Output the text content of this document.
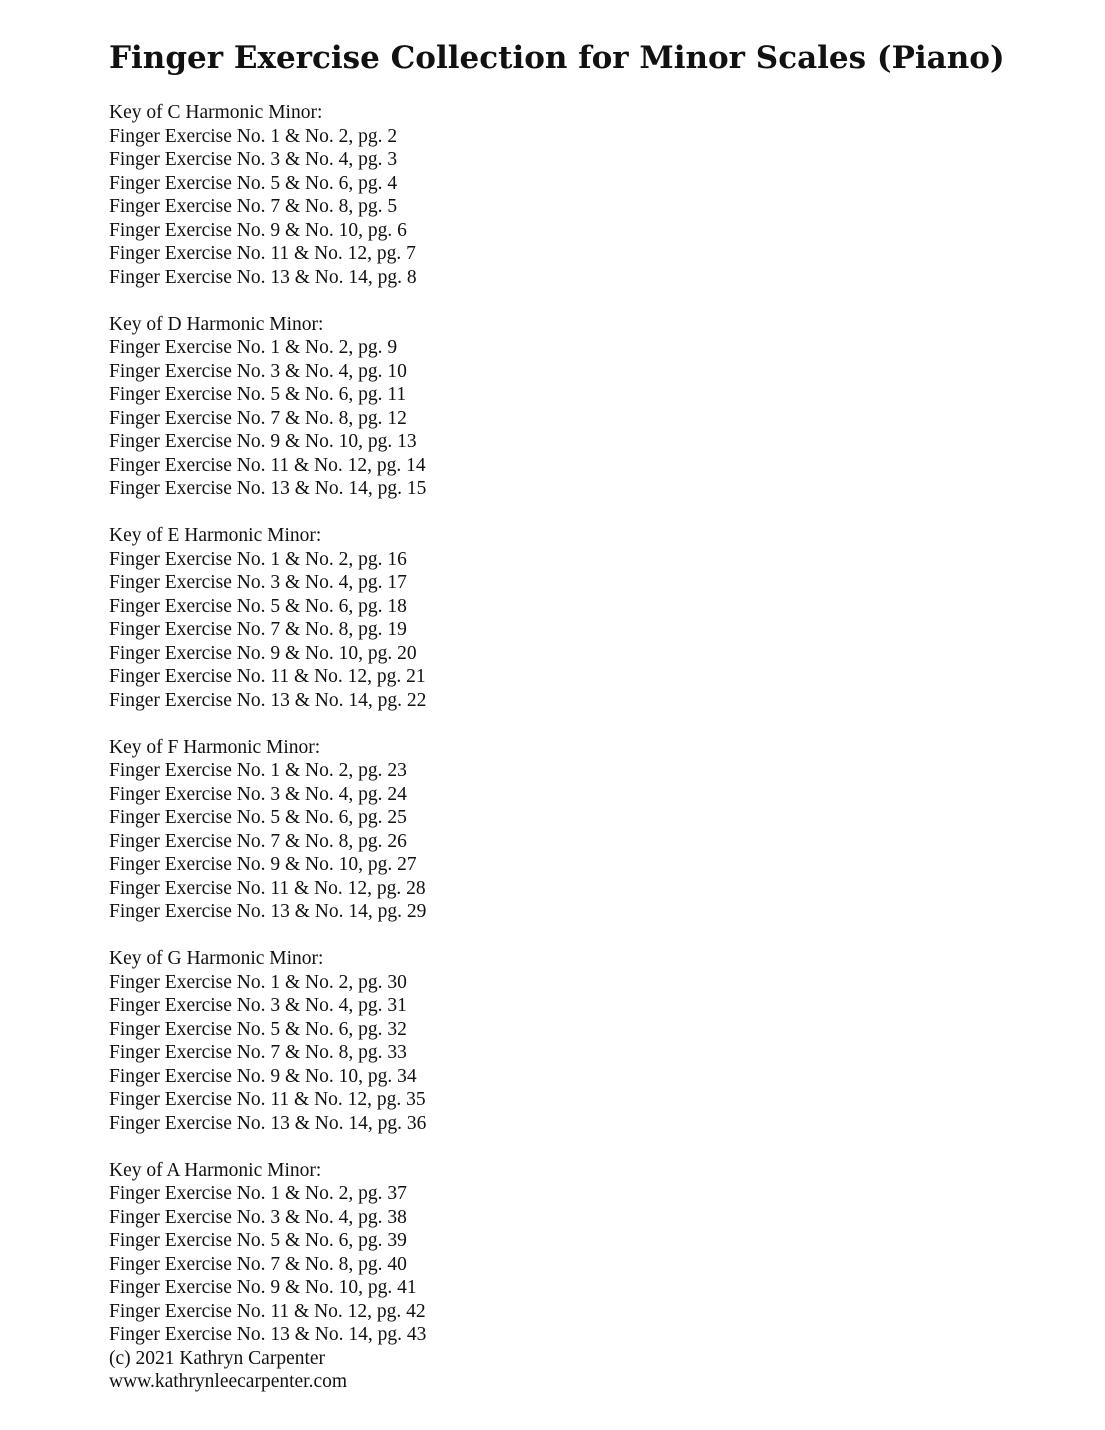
Finger Exercise Collection for Minor Scales (Piano)
Key of C Harmonic Minor:
Finger Exercise No. 1 & No. 2, pg. 2
Finger Exercise No. 3 & No. 4, pg. 3
Finger Exercise No. 5 & No. 6, pg. 4
Finger Exercise No. 7 & No. 8, pg. 5
Finger Exercise No. 9 & No. 10, pg. 6
Finger Exercise No. 11 & No. 12, pg. 7
Finger Exercise No. 13 & No. 14, pg. 8
Key of D Harmonic Minor:
Finger Exercise No. 1 & No. 2, pg. 9
Finger Exercise No. 3 & No. 4, pg. 10
Finger Exercise No. 5 & No. 6, pg. 11
Finger Exercise No. 7 & No. 8, pg. 12
Finger Exercise No. 9 & No. 10, pg. 13
Finger Exercise No. 11 & No. 12, pg. 14
Finger Exercise No. 13 & No. 14, pg. 15
Key of E Harmonic Minor:
Finger Exercise No. 1 & No. 2, pg. 16
Finger Exercise No. 3 & No. 4, pg. 17
Finger Exercise No. 5 & No. 6, pg. 18
Finger Exercise No. 7 & No. 8, pg. 19
Finger Exercise No. 9 & No. 10, pg. 20
Finger Exercise No. 11 & No. 12, pg. 21
Finger Exercise No. 13 & No. 14, pg. 22
Key of F Harmonic Minor:
Finger Exercise No. 1 & No. 2, pg. 23
Finger Exercise No. 3 & No. 4, pg. 24
Finger Exercise No. 5 & No. 6, pg. 25
Finger Exercise No. 7 & No. 8, pg. 26
Finger Exercise No. 9 & No. 10, pg. 27
Finger Exercise No. 11 & No. 12, pg. 28
Finger Exercise No. 13 & No. 14, pg. 29
Key of G Harmonic Minor:
Finger Exercise No. 1 & No. 2, pg. 30
Finger Exercise No. 3 & No. 4, pg. 31
Finger Exercise No. 5 & No. 6, pg. 32
Finger Exercise No. 7 & No. 8, pg. 33
Finger Exercise No. 9 & No. 10, pg. 34
Finger Exercise No. 11 & No. 12, pg. 35
Finger Exercise No. 13 & No. 14, pg. 36
Key of A Harmonic Minor:
Finger Exercise No. 1 & No. 2, pg. 37
Finger Exercise No. 3 & No. 4, pg. 38
Finger Exercise No. 5 & No. 6, pg. 39
Finger Exercise No. 7 & No. 8, pg. 40
Finger Exercise No. 9 & No. 10, pg. 41
Finger Exercise No. 11 & No. 12, pg. 42
Finger Exercise No. 13 & No. 14, pg. 43
(c) 2021 Kathryn Carpenter
www.kathrynleecarpenter.com
